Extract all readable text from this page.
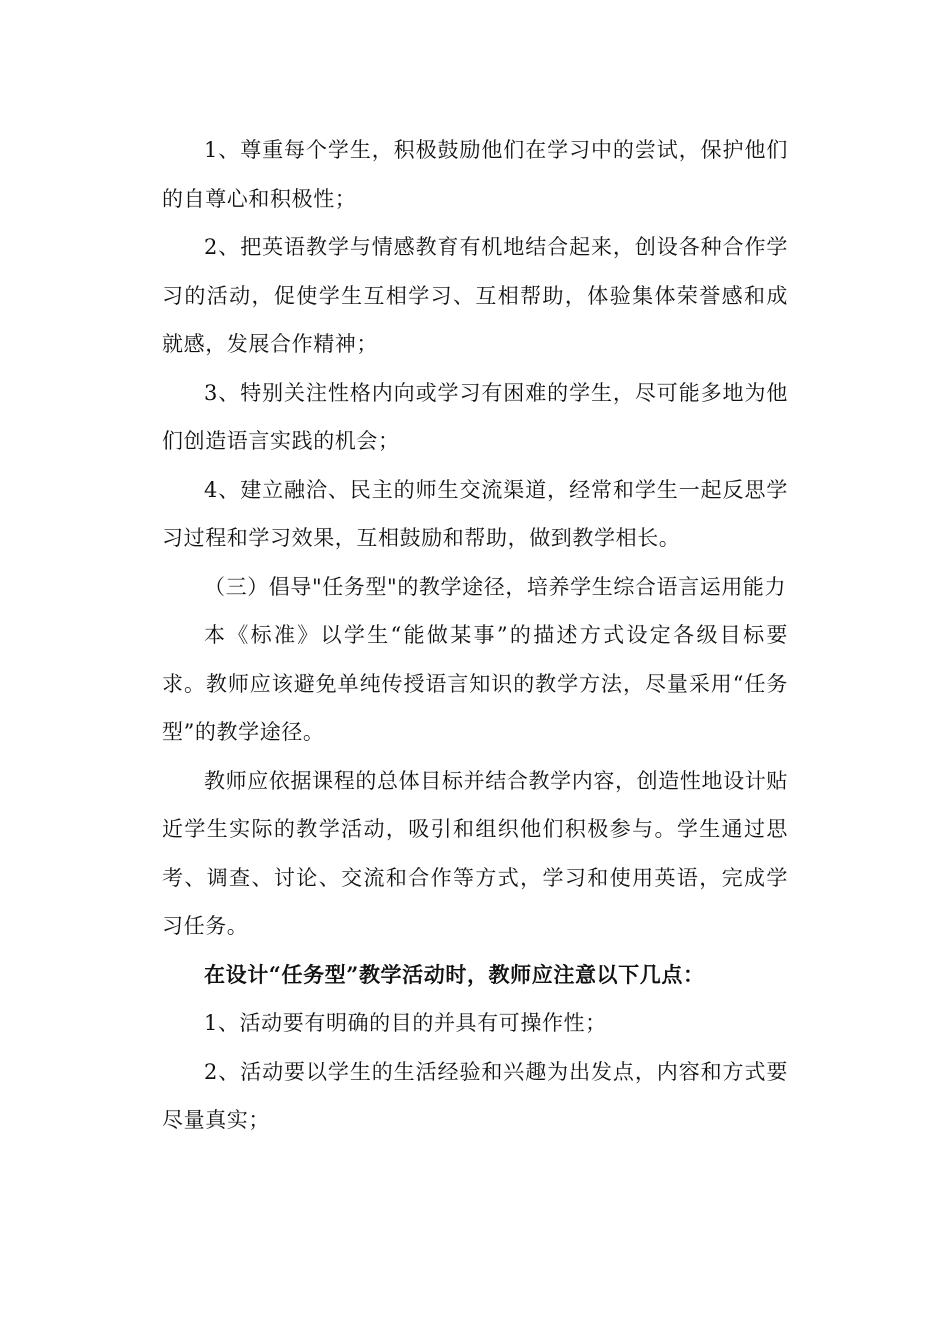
1、尊重每个学生，积极鼓励他们在学习中的尝试，保护他们的自尊心和积极性；

2、把英语教学与情感教育有机地结合起来，创设各种合作学习的活动，促使学生互相学习、互相帮助，体验集体荣誉感和成就感，发展合作精神；

3、特别关注性格内向或学习有困难的学生，尽可能多地为他们创造语言实践的机会；

4、建立融洽、民主的师生交流渠道，经常和学生一起反思学习过程和学习效果，互相鼓励和帮助，做到教学相长。

（三）倡导"任务型"的教学途径，培养学生综合语言运用能力

本《标准》以学生“能做某事”的描述方式设定各级目标要求。教师应该避免单纯传授语言知识的教学方法，尽量采用“任务型”的教学途径。

教师应依据课程的总体目标并结合教学内容，创造性地设计贴近学生实际的教学活动，吸引和组织他们积极参与。学生通过思考、调查、讨论、交流和合作等方式，学习和使用英语，完成学习任务。

在设计“任务型”教学活动时，教师应注意以下几点：

1、活动要有明确的目的并具有可操作性；

2、活动要以学生的生活经验和兴趣为出发点，内容和方式要尽量真实；
